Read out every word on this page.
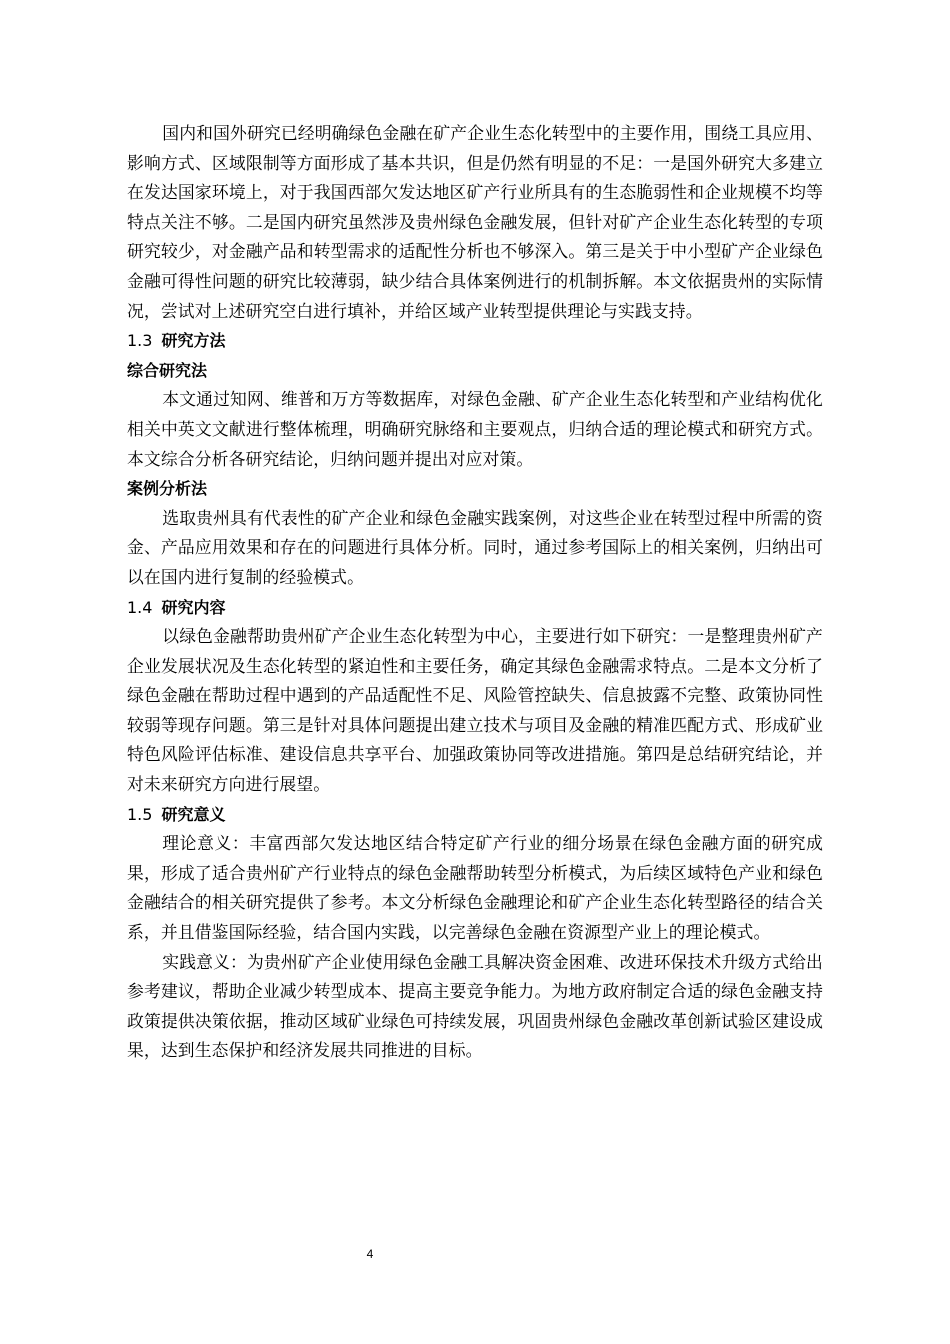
国内和国外研究已经明确绿色金融在矿产企业生态化转型中的主要作用，围绕工具应用、影响方式、区域限制等方面形成了基本共识，但是仍然有明显的不足：一是国外研究大多建立在发达国家环境上，对于我国西部欠发达地区矿产行业所具有的生态脆弱性和企业规模不均等特点关注不够。二是国内研究虽然涉及贵州绿色金融发展，但针对矿产企业生态化转型的专项研究较少，对金融产品和转型需求的适配性分析也不够深入。第三是关于中小型矿产企业绿色金融可得性问题的研究比较薄弱，缺少结合具体案例进行的机制拆解。本文依据贵州的实际情况，尝试对上述研究空白进行填补，并给区域产业转型提供理论与实践支持。

1.3 研究方法
综合研究法

本文通过知网、维普和万方等数据库，对绿色金融、矿产企业生态化转型和产业结构优化相关中英文文献进行整体梳理，明确研究脉络和主要观点，归纳合适的理论模式和研究方式。本文综合分析各研究结论，归纳问题并提出对应对策。

案例分析法

选取贵州具有代表性的矿产企业和绿色金融实践案例，对这些企业在转型过程中所需的资金、产品应用效果和存在的问题进行具体分析。同时，通过参考国际上的相关案例，归纳出可以在国内进行复制的经验模式。

1.4 研究内容

以绿色金融帮助贵州矿产企业生态化转型为中心，主要进行如下研究：一是整理贵州矿产企业发展状况及生态化转型的紧迫性和主要任务，确定其绿色金融需求特点。二是本文分析了绿色金融在帮助过程中遇到的产品适配性不足、风险管控缺失、信息披露不完整、政策协同性较弱等现存问题。第三是针对具体问题提出建立技术与项目及金融的精准匹配方式、形成矿业特色风险评估标准、建设信息共享平台、加强政策协同等改进措施。第四是总结研究结论，并对未来研究方向进行展望。

1.5 研究意义

理论意义：丰富西部欠发达地区结合特定矿产行业的细分场景在绿色金融方面的研究成果，形成了适合贵州矿产行业特点的绿色金融帮助转型分析模式，为后续区域特色产业和绿色金融结合的相关研究提供了参考。本文分析绿色金融理论和矿产企业生态化转型路径的结合关系，并且借鉴国际经验，结合国内实践，以完善绿色金融在资源型产业上的理论模式。

实践意义：为贵州矿产企业使用绿色金融工具解决资金困难、改进环保技术升级方式给出参考建议，帮助企业减少转型成本、提高主要竞争能力。为地方政府制定合适的绿色金融支持政策提供决策依据，推动区域矿业绿色可持续发展，巩固贵州绿色金融改革创新试验区建设成果，达到生态保护和经济发展共同推进的目标。

4
